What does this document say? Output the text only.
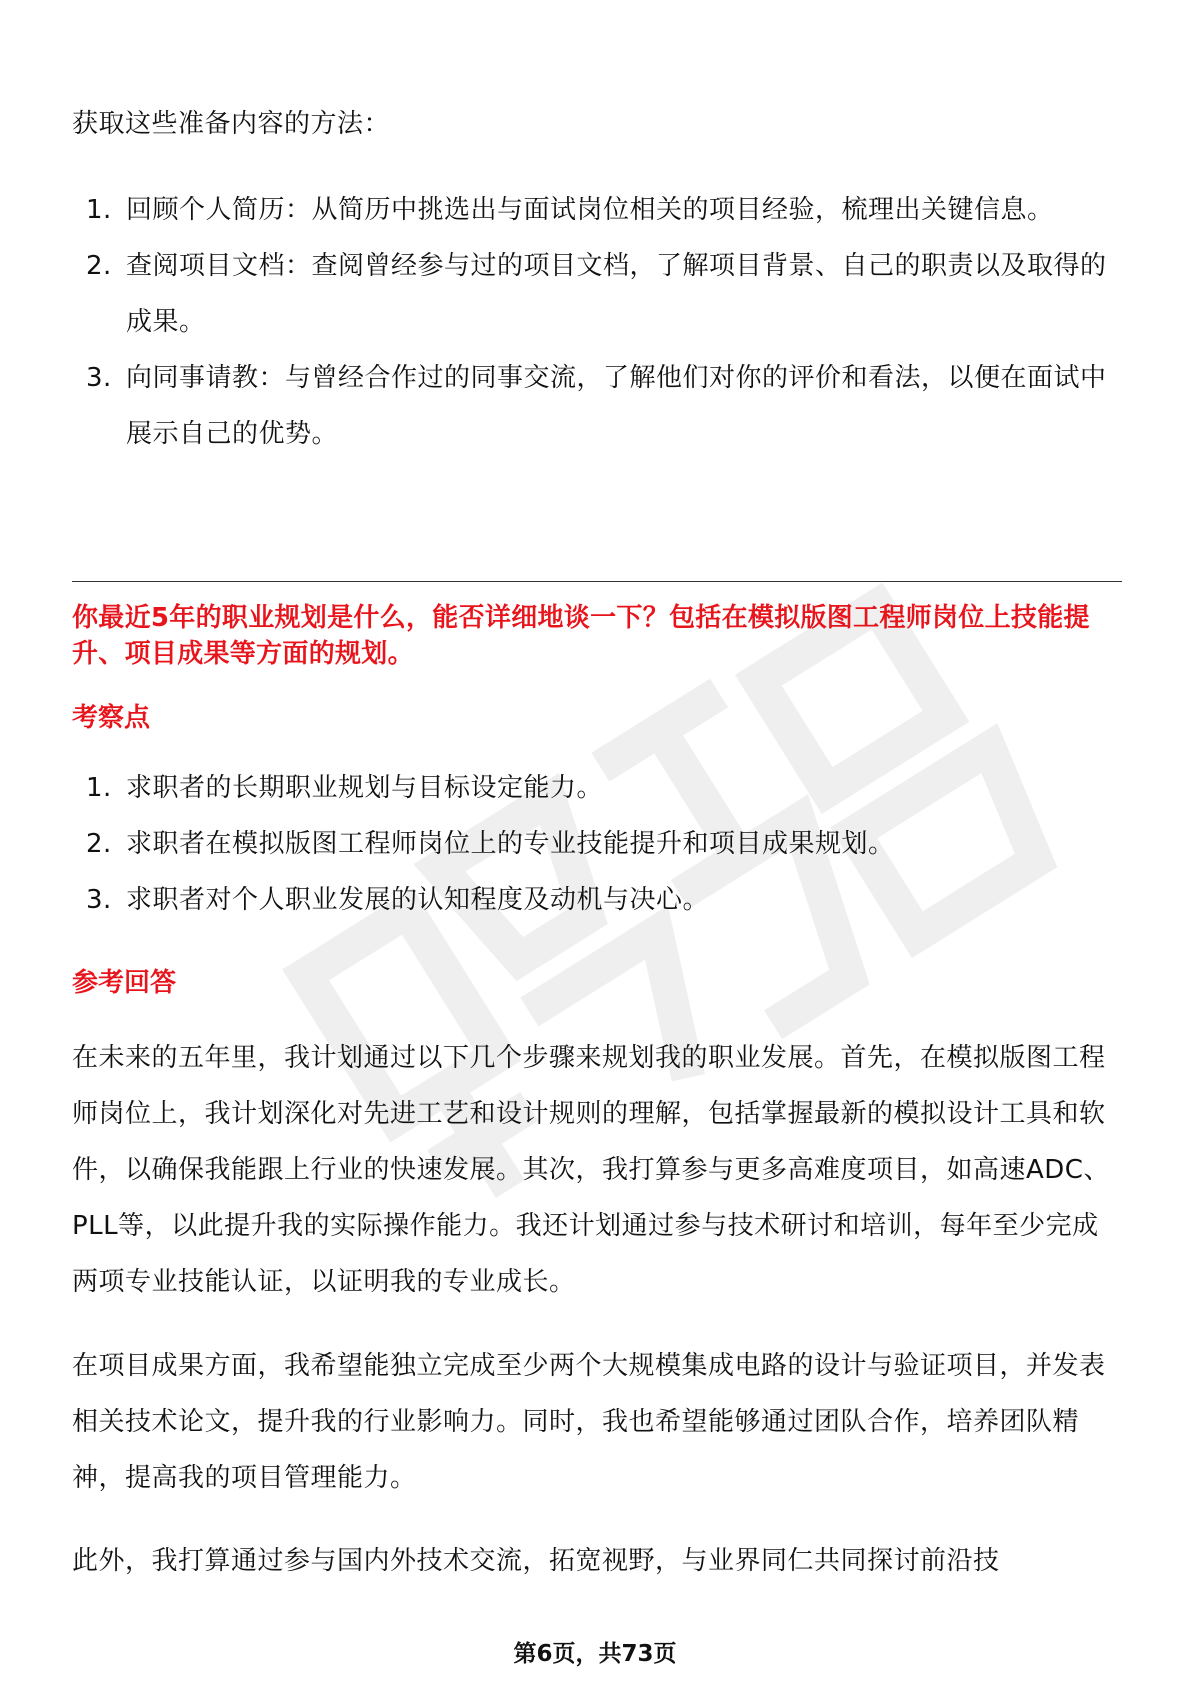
获取这些准备内容的方法：
1. 回顾个人简历：从简历中挑选出与面试岗位相关的项目经验，梳理出关键信息。
2. 查阅项目文档：查阅曾经参与过的项目文档，了解项目背景、自己的职责以及取得的成果。
3. 向同事请教：与曾经合作过的同事交流，了解他们对你的评价和看法，以便在面试中展示自己的优势。
你最近5年的职业规划是什么，能否详细地谈一下？包括在模拟版图工程师岗位上技能提升、项目成果等方面的规划。
考察点
1. 求职者的长期职业规划与目标设定能力。
2. 求职者在模拟版图工程师岗位上的专业技能提升和项目成果规划。
3. 求职者对个人职业发展的认知程度及动机与决心。
参考回答

在未来的五年里，我计划通过以下几个步骤来规划我的职业发展。首先，在模拟版图工程师岗位上，我计划深化对先进工艺和设计规则的理解，包括掌握最新的模拟设计工具和软件，以确保我能跟上行业的快速发展。其次，我打算参与更多高难度项目，如高速ADC、PLL等，以此提升我的实际操作能力。我还计划通过参与技术研讨和培训，每年至少完成两项专业技能认证，以证明我的专业成长。

在项目成果方面，我希望能独立完成至少两个大规模集成电路的设计与验证项目，并发表相关技术论文，提升我的行业影响力。同时，我也希望能够通过团队合作，培养团队精神，提高我的项目管理能力。

此外，我打算通过参与国内外技术交流，拓宽视野，与业界同仁共同探讨前沿技

第6页，共73页
